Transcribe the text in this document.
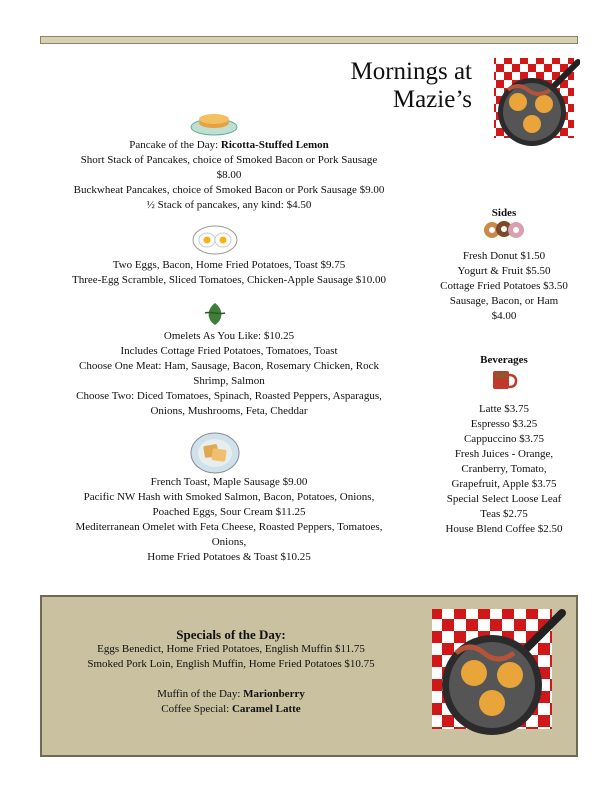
Mornings at
Mazie’s

Pancake of the Day: Ricotta-Stuffed Lemon

Short Stack of Pancakes, choice of Smoked Bacon or Pork Sausage

$8.00

Buckwheat Pancakes, choice of Smoked Bacon or Pork Sausage $9.00

½ Stack of pancakes, any kind: $4.50

Two Eggs, Bacon, Home Fried Potatoes, Toast $9.75

Three-Egg Scramble, Sliced Tomatoes, Chicken-Apple Sausage $10.00

Omelets As You Like: $10.25

Includes Cottage Fried Potatoes, Tomatoes, Toast

Choose One Meat: Ham, Sausage, Bacon, Rosemary Chicken, Rock

Shrimp, Salmon

Choose Two: Diced Tomatoes, Spinach, Roasted Peppers, Asparagus,

Onions, Mushrooms, Feta, Cheddar

French Toast, Maple Sausage $9.00

Pacific NW Hash with Smoked Salmon, Bacon, Potatoes, Onions,

Poached Eggs, Sour Cream $11.25

Mediterranean Omelet with Feta Cheese, Roasted Peppers, Tomatoes,

Onions,

Home Fried Potatoes & Toast $10.25

Sides

Fresh Donut $1.50

Yogurt & Fruit $5.50

Cottage Fried Potatoes $3.50

Sausage, Bacon, or Ham

$4.00

Beverages

Latte $3.75

Espresso $3.25

Cappuccino $3.75

Fresh Juices - Orange,

Cranberry, Tomato,

Grapefruit, Apple $3.75

Special Select Loose Leaf

Teas $2.75

House Blend Coffee $2.50

Specials of the Day:

Eggs Benedict, Home Fried Potatoes, English Muffin $11.75

Smoked Pork Loin, English Muffin, Home Fried Potatoes $10.75

Muffin of the Day: Marionberry

Coffee Special: Caramel Latte
